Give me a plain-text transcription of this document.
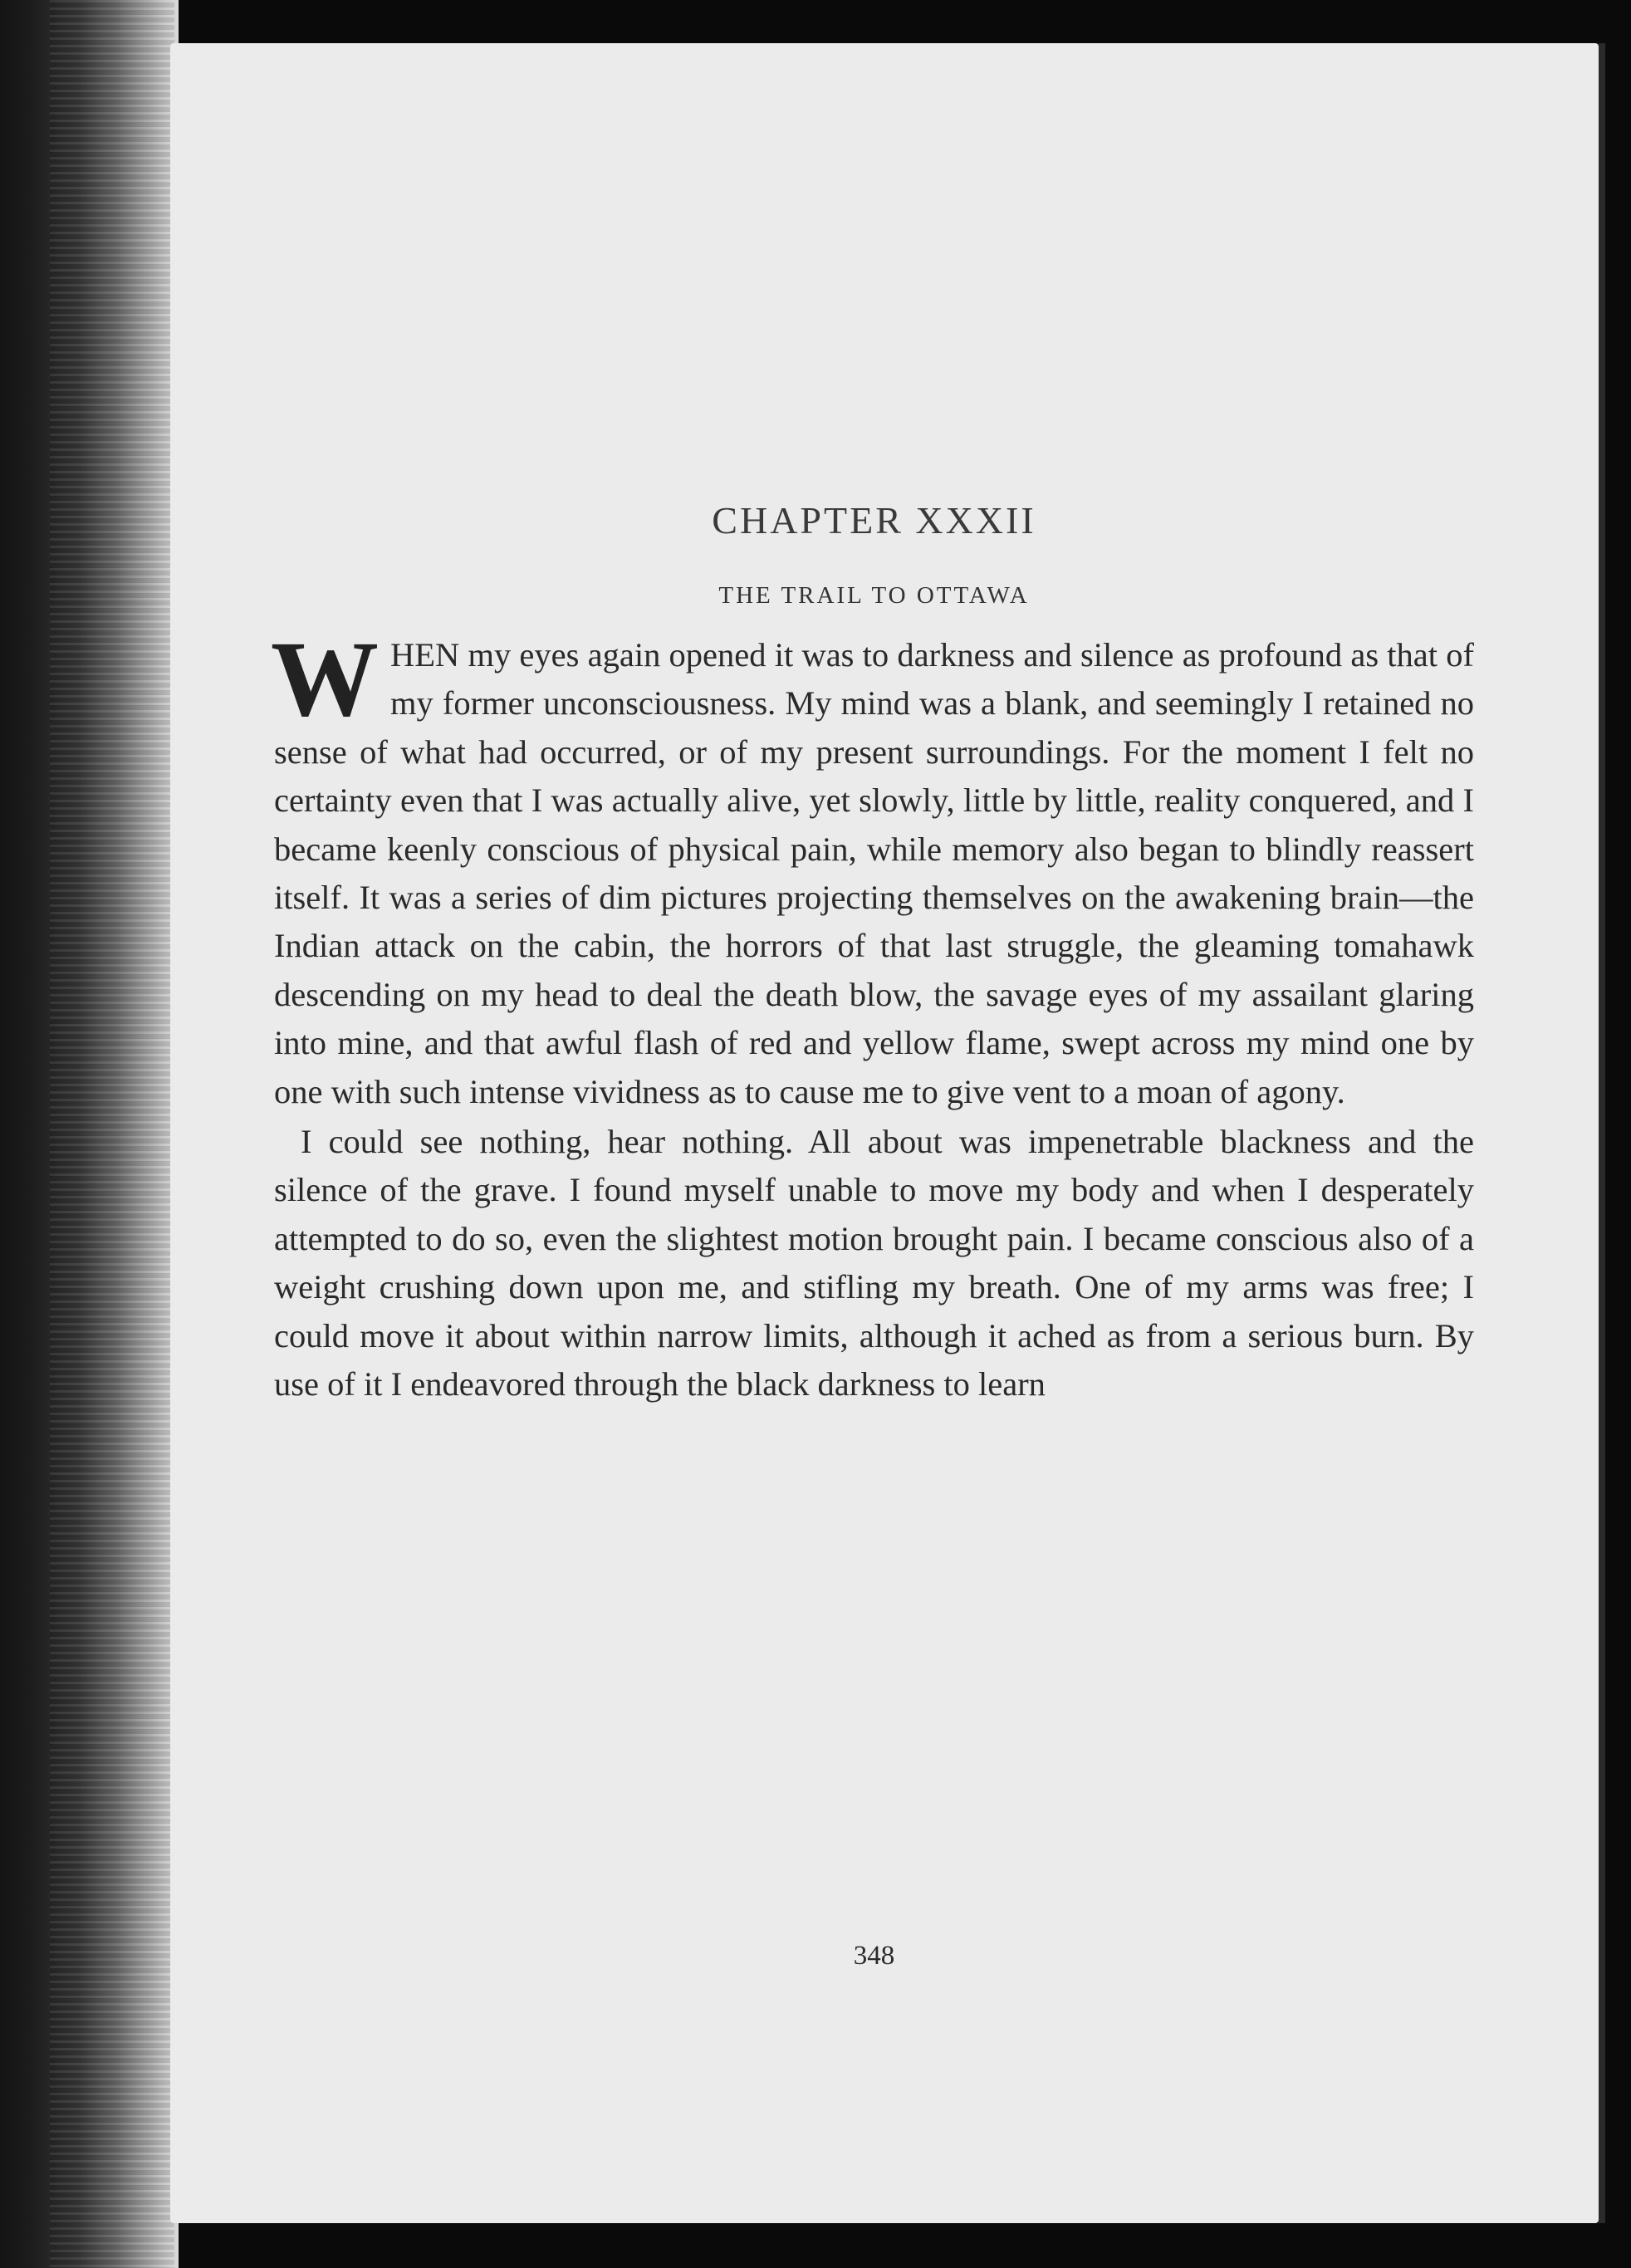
CHAPTER XXXII
THE TRAIL TO OTTAWA

WHEN my eyes again opened it was to darkness and silence as profound as that of my former unconsciousness. My mind was a blank, and seemingly I retained no sense of what had occurred, or of my present surroundings. For the moment I felt no certainty even that I was actually alive, yet slowly, little by little, reality conquered, and I became keenly conscious of physical pain, while memory also began to blindly reassert itself. It was a series of dim pictures projecting themselves on the awakening brain—the Indian attack on the cabin, the horrors of that last struggle, the gleaming tomahawk descending on my head to deal the death blow, the savage eyes of my assailant glaring into mine, and that awful flash of red and yellow flame, swept across my mind one by one with such intense vividness as to cause me to give vent to a moan of agony.

I could see nothing, hear nothing. All about was impenetrable blackness and the silence of the grave. I found myself unable to move my body and when I desperately attempted to do so, even the slightest motion brought pain. I became conscious also of a weight crushing down upon me, and stifling my breath. One of my arms was free; I could move it about within narrow limits, although it ached as from a serious burn. By use of it I endeavored through the black darkness to learn

348
